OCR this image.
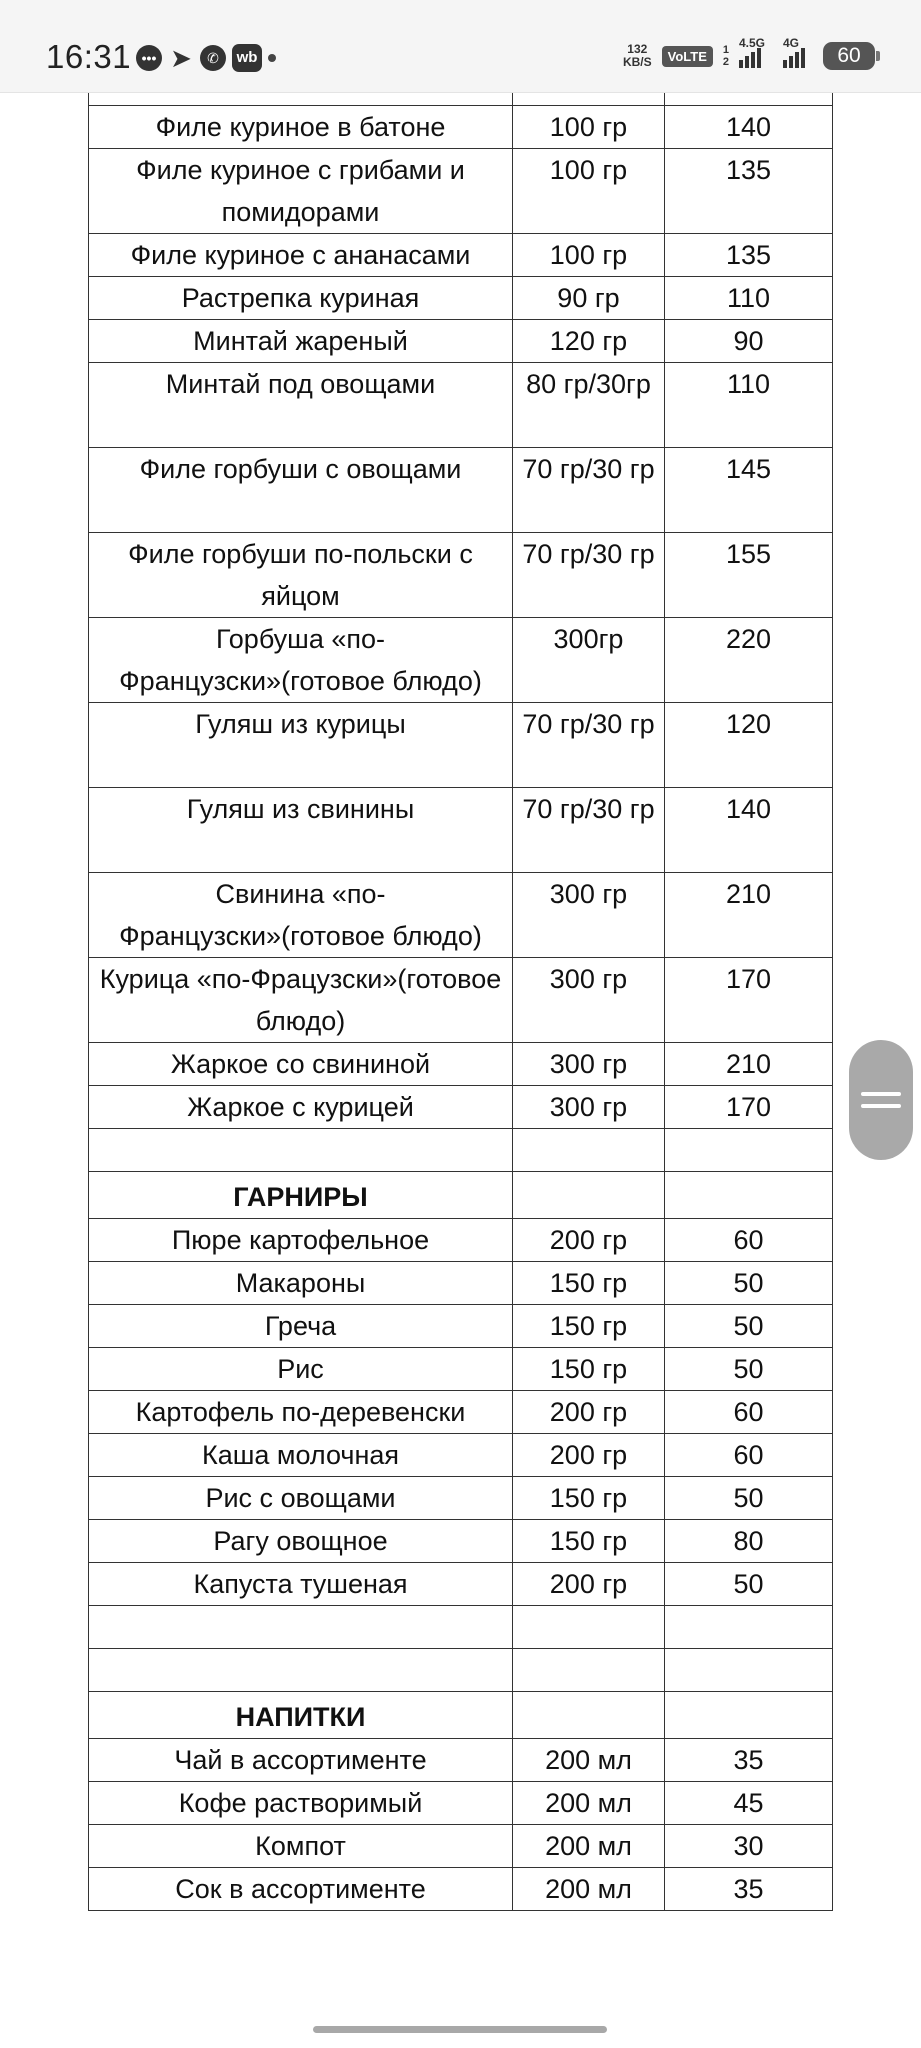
16:31 ••• ➤	✆	wb	132
KB/S	VoLTE	1
2
4.5G 4G
60

Филе куриное в батоне	100 гр	140
Филе куриное с грибами и помидорами	100 гр	135
Филе куриное с ананасами	100 гр	135
Растрепка куриная	90 гр	110
Минтай жареный	120 гр	90
Минтай под овощами	80 гр/30гр	110
Филе горбуши с овощами	70 гр/30 гр	145
Филе горбуши по-польски с яйцом	70 гр/30 гр	155
Горбуша «по-Французски»(готовое блюдо)	300гр	220
Гуляш из курицы	70 гр/30 гр	120
Гуляш из свинины	70 гр/30 гр	140
Свинина «по-Французски»(готовое блюдо)	300 гр	210
Курица «по-Фрацузски»(готовое блюдо)	300 гр	170
Жаркое со свининой	300 гр	210
Жаркое с курицей	300 гр	170

ГАРНИРЫ		
Пюре картофельное	200 гр	60
Макароны	150 гр	50
Греча	150 гр	50
Рис	150 гр	50
Картофель по-деревенски	200 гр	60
Каша молочная	200 гр	60
Рис с овощами	150 гр	50
Рагу овощное	150 гр	80
Капуста тушеная	200 гр	50

НАПИТКИ		
Чай в ассортименте	200 мл	35
Кофе растворимый	200 мл	45
Компот	200 мл	30
Сок в ассортименте	200 мл	35
